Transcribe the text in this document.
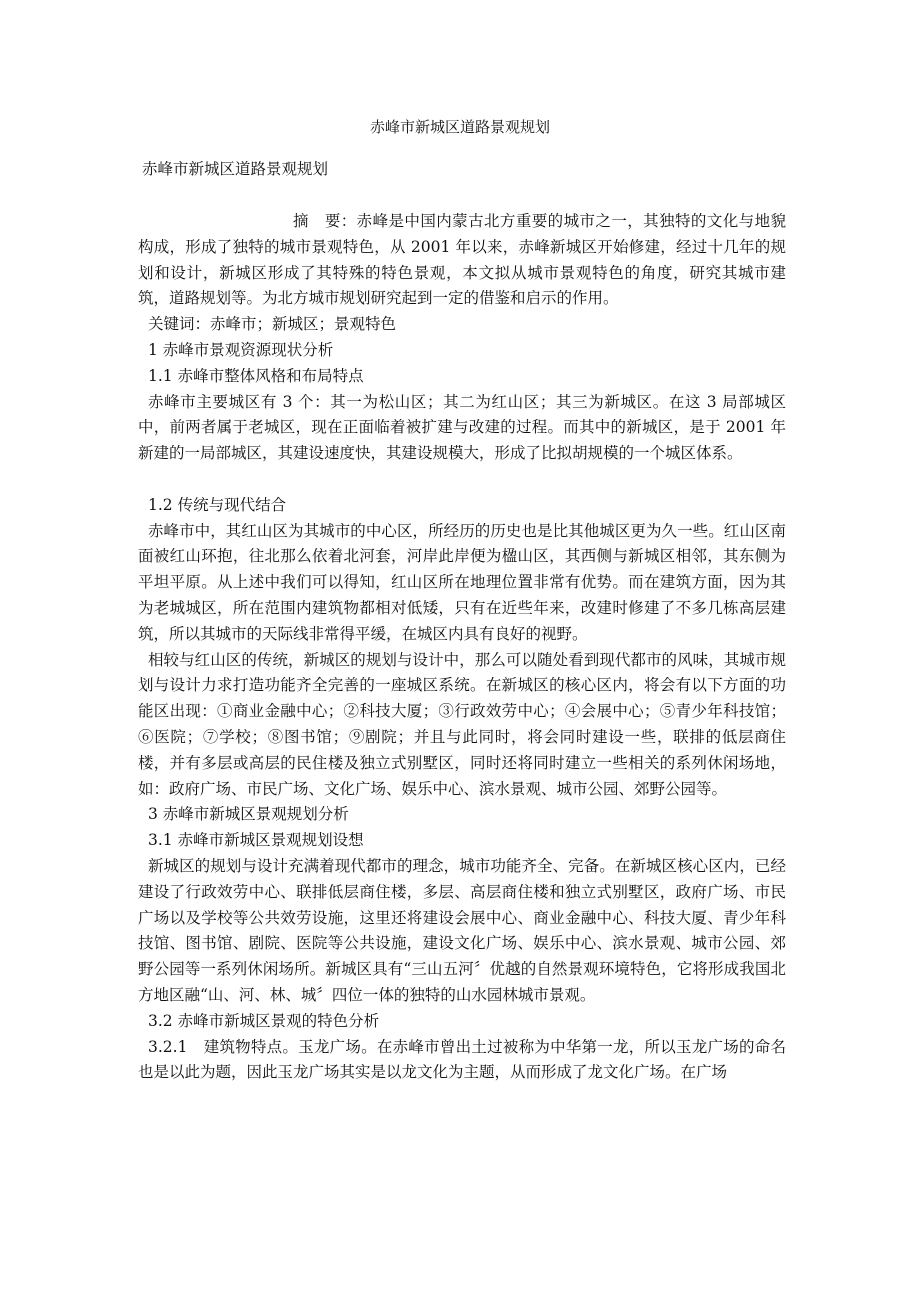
赤峰市新城区道路景观规划
赤峰市新城区道路景观规划

摘　要：赤峰是中国内蒙古北方重要的城市之一，其独特的文化与地貌构成，形成了独特的城市景观特色，从 2001 年以来，赤峰新城区开始修建，经过十几年的规划和设计，新城区形成了其特殊的特色景观，本文拟从城市景观特色的角度，研究其城市建筑，道路规划等。为北方城市规划研究起到一定的借鉴和启示的作用。

关键词：赤峰市；新城区；景观特色

1 赤峰市景观资源现状分析

1.1 赤峰市整体风格和布局特点

赤峰市主要城区有 3 个：其一为松山区；其二为红山区；其三为新城区。在这 3 局部城区中，前两者属于老城区，现在正面临着被扩建与改建的过程。而其中的新城区，是于 2001 年新建的一局部城区，其建设速度快，其建设规模大，形成了比拟胡规模的一个城区体系。

1.2 传统与现代结合

赤峰市中，其红山区为其城市的中心区，所经历的历史也是比其他城区更为久一些。红山区南面被红山环抱，往北那么依着北河套，河岸此岸便为楹山区，其西侧与新城区相邻，其东侧为平坦平原。从上述中我们可以得知，红山区所在地理位置非常有优势。而在建筑方面，因为其为老城城区，所在范围内建筑物都相对低矮，只有在近些年来，改建时修建了不多几栋高层建筑，所以其城市的天际线非常得平缓，在城区内具有良好的视野。

相较与红山区的传统，新城区的规划与设计中，那么可以随处看到现代都市的风味，其城市规划与设计力求打造功能齐全完善的一座城区系统。在新城区的核心区内，将会有以下方面的功能区出现：①商业金融中心；②科技大厦；③行政效劳中心；④会展中心；⑤青少年科技馆；⑥医院；⑦学校；⑧图书馆；⑨剧院；并且与此同时，将会同时建设一些，联排的低层商住楼，并有多层或高层的民住楼及独立式别墅区，同时还将同时建立一些相关的系列休闲场地，如：政府广场、市民广场、文化广场、娱乐中心、滨水景观、城市公园、郊野公园等。

3 赤峰市新城区景观规划分析

3.1 赤峰市新城区景观规划设想

新城区的规划与设计充满着现代都市的理念，城市功能齐全、完备。在新城区核心区内，已经建设了行政效劳中心、联排低层商住楼，多层、高层商住楼和独立式别墅区，政府广场、市民广场以及学校等公共效劳设施，这里还将建设会展中心、商业金融中心、科技大厦、青少年科技馆、图书馆、剧院、医院等公共设施，建设文化广场、娱乐中心、滨水景观、城市公园、郊野公园等一系列休闲场所。新城区具有“三山五河〞优越的自然景观环境特色，它将形成我国北方地区融“山、河、林、城〞四位一体的独特的山水园林城市景观。

3.2 赤峰市新城区景观的特色分析

3.2.1 建筑物特点。玉龙广场。在赤峰市曾出土过被称为中华第一龙，所以玉龙广场的命名也是以此为题，因此玉龙广场其实是以龙文化为主题，从而形成了龙文化广场。在广场
